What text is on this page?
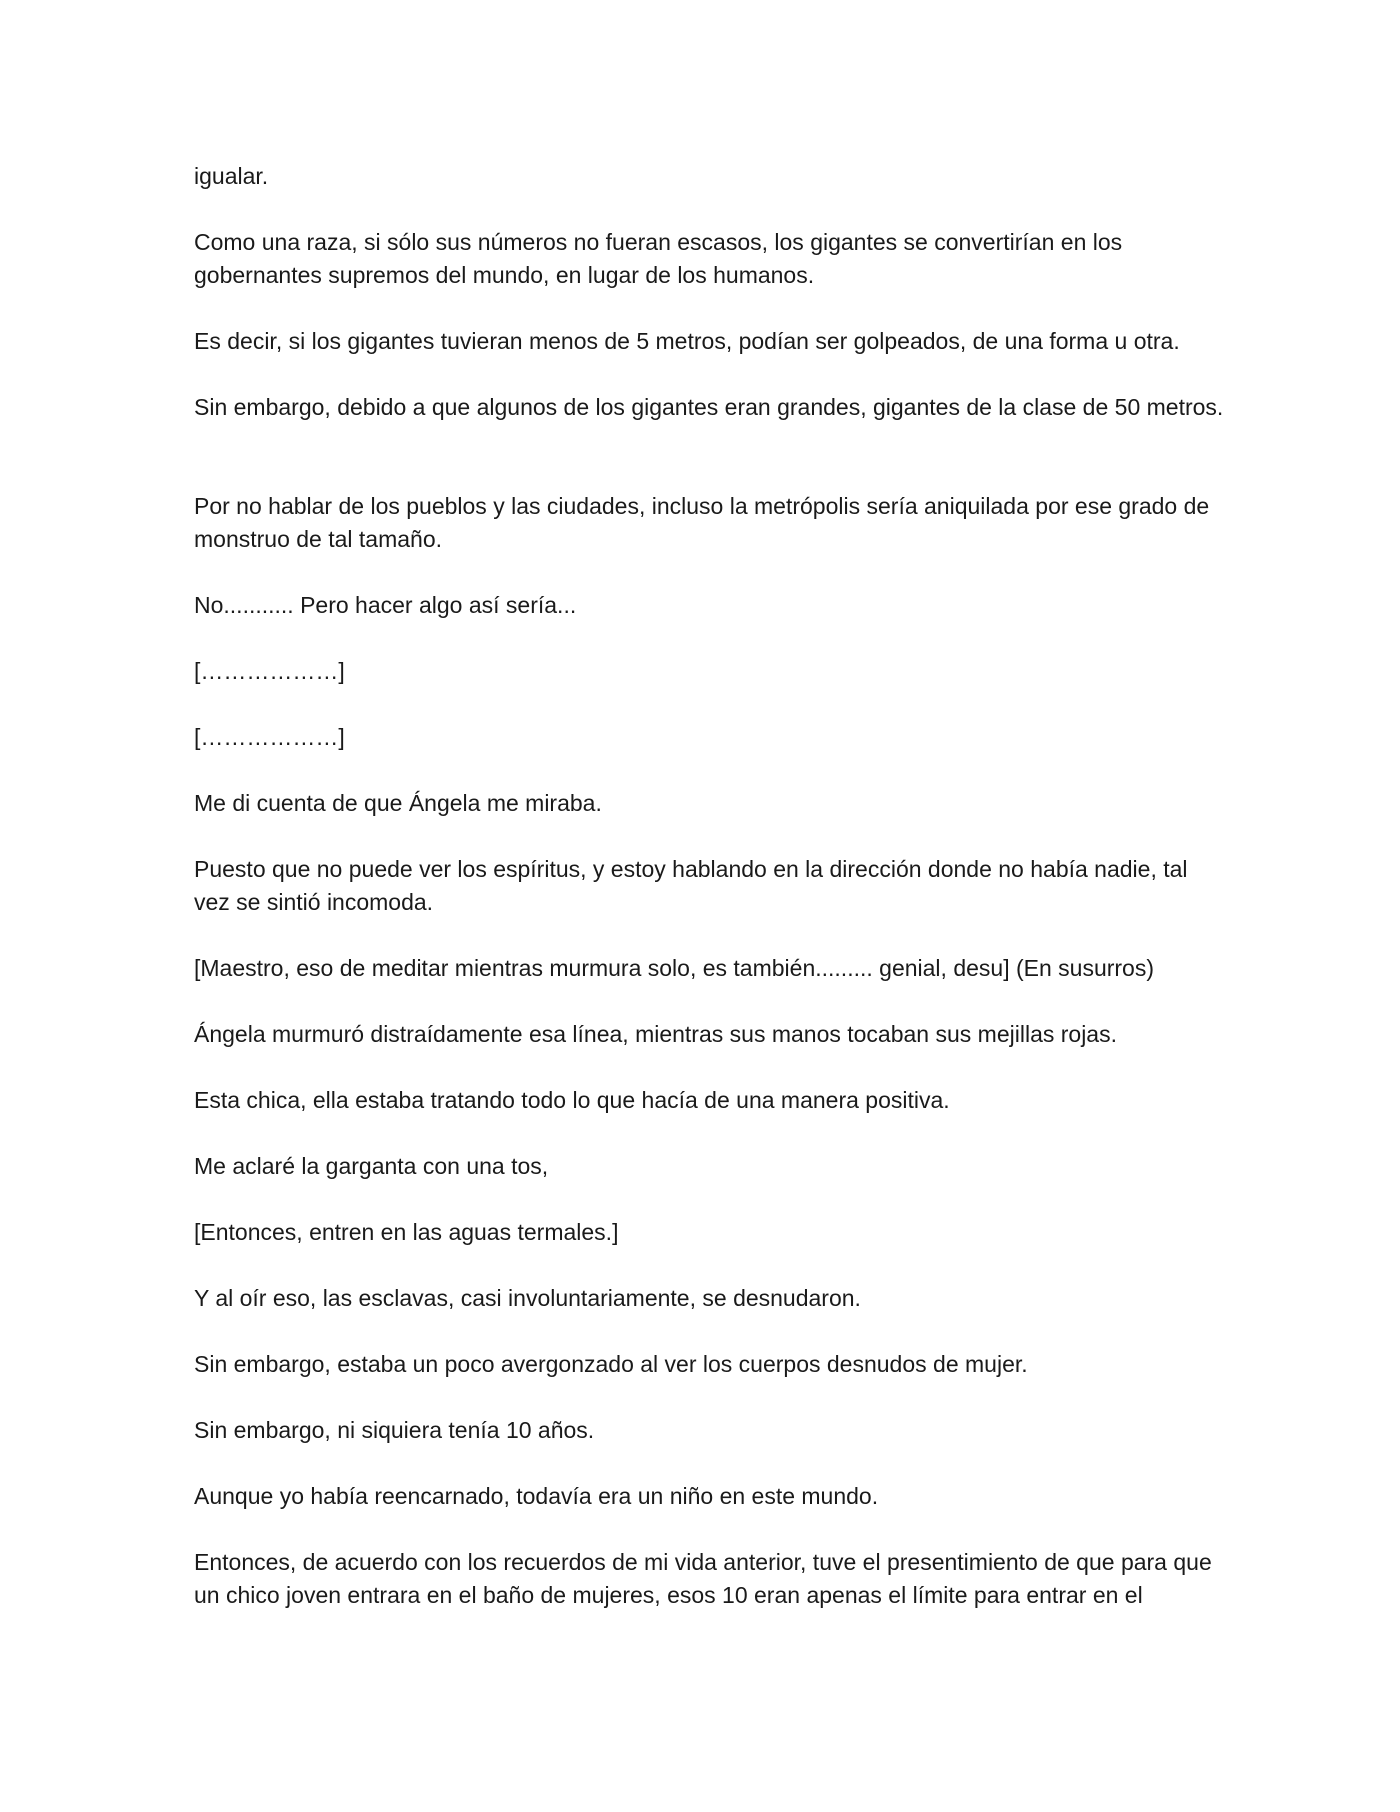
igualar.

Como una raza, si sólo sus números no fueran escasos, los gigantes se convertirían en los gobernantes supremos del mundo, en lugar de los humanos.

Es decir, si los gigantes tuvieran menos de 5 metros, podían ser golpeados, de una forma u otra.

Sin embargo, debido a que algunos de los gigantes eran grandes, gigantes de la clase de 50 metros.

Por no hablar de los pueblos y las ciudades, incluso la metrópolis sería aniquilada por ese grado de monstruo de tal tamaño.

No........... Pero hacer algo así sería...

[………………]

[………………]

Me di cuenta de que Ángela me miraba.

Puesto que no puede ver los espíritus, y estoy hablando en la dirección donde no había nadie, tal vez se sintió incomoda.

[Maestro, eso de meditar mientras murmura solo, es también......... genial, desu] (En susurros)

Ángela murmuró distraídamente esa línea, mientras sus manos tocaban sus mejillas rojas.

Esta chica, ella estaba tratando todo lo que hacía de una manera positiva.

Me aclaré la garganta con una tos,

[Entonces, entren en las aguas termales.]

Y al oír eso, las esclavas, casi involuntariamente, se desnudaron.

Sin embargo, estaba un poco avergonzado al ver los cuerpos desnudos de mujer.

Sin embargo, ni siquiera tenía 10 años.

Aunque yo había reencarnado, todavía era un niño en este mundo.

Entonces, de acuerdo con los recuerdos de mi vida anterior, tuve el presentimiento de que para que un chico joven entrara en el baño de mujeres, esos 10 eran apenas el límite para entrar en el
